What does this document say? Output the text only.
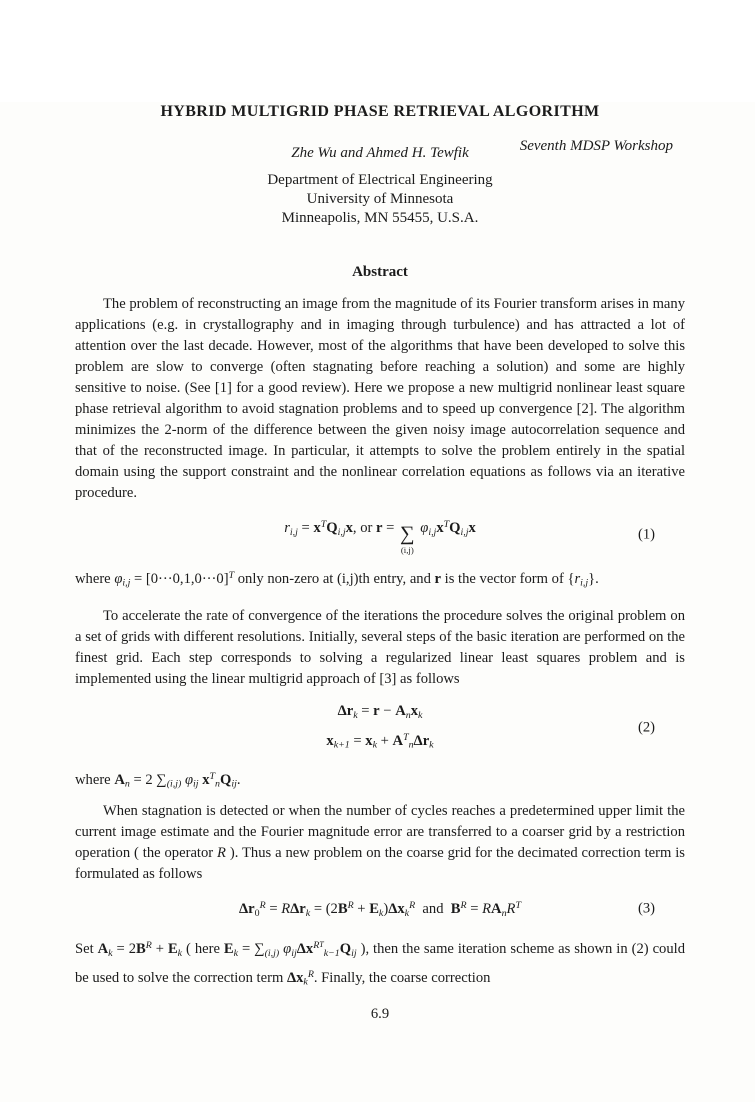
Seventh MDSP Workshop
HYBRID MULTIGRID PHASE RETRIEVAL ALGORITHM
Zhe Wu and Ahmed H. Tewfik
Department of Electrical Engineering
University of Minnesota
Minneapolis, MN 55455, U.S.A.
Abstract

The problem of reconstructing an image from the magnitude of its Fourier transform arises in many applications (e.g. in crystallography and in imaging through turbulence) and has attracted a lot of attention over the last decade. However, most of the algorithms that have been developed to solve this problem are slow to converge (often stagnating before reaching a solution) and some are highly sensitive to noise. (See [1] for a good review). Here we propose a new multigrid nonlinear least square phase retrieval algorithm to avoid stagnation problems and to speed up convergence [2]. The algorithm minimizes the 2-norm of the difference between the given noisy image autocorrelation sequence and that of the reconstructed image. In particular, it attempts to solve the problem entirely in the spatial domain using the support constraint and the nonlinear correlation equations as follows via an iterative procedure.

$r_{i,j} = x^TQ_{i,j}x$, or r = ∑
(i,j)
$\varphi_{i,j}x^TQ_{i,j}x$	(1)

where $\varphi_{i,j} = [0\cdot\cdot\cdot 0,1,0\cdot\cdot\cdot 0]^T$ only non-zero at (i,j)th entry, and r is the vector form of $\{r_{i,j}\}$.

To accelerate the rate of convergence of the iterations the procedure solves the original problem on a set of grids with different resolutions. Initially, several steps of the basic iteration are performed on the finest grid. Each step corresponds to solving a regularized linear least squares problem and is implemented using the linear multigrid approach of [3] as follows

$\Delta r_k = r - A_nx_k$
$x_{k+1} = x_k + A^T_n\Delta r_k$
(2)

where $A_n = 2$ $\sum_{(i,j)}$ $\varphi_{ij}$ $x^T_nQ_{ij}$.

When stagnation is detected or when the number of cycles reaches a predetermined upper limit the current image estimate and the Fourier magnitude error are transferred to a coarser grid by a restriction operation ( the operator R ). Thus a new problem on the coarse grid for the decimated correction term is formulated as follows

$\Delta r_0^R = R\Delta r_k = (2B^R + E_k)\Delta x_k^R$  and  $B^R = RA_nR^T$	(3)

Set $A_k = 2B^R + E_k$ ( here $E_k = \sum_{(i,j)}$ $\varphi_{ij}\Delta x^{RT}_{k-1}Q_{ij}$ ), then the same iteration scheme as shown in (2) could be used to solve the correction term $\Delta x_k^R$. Finally, the coarse correction

6.9
